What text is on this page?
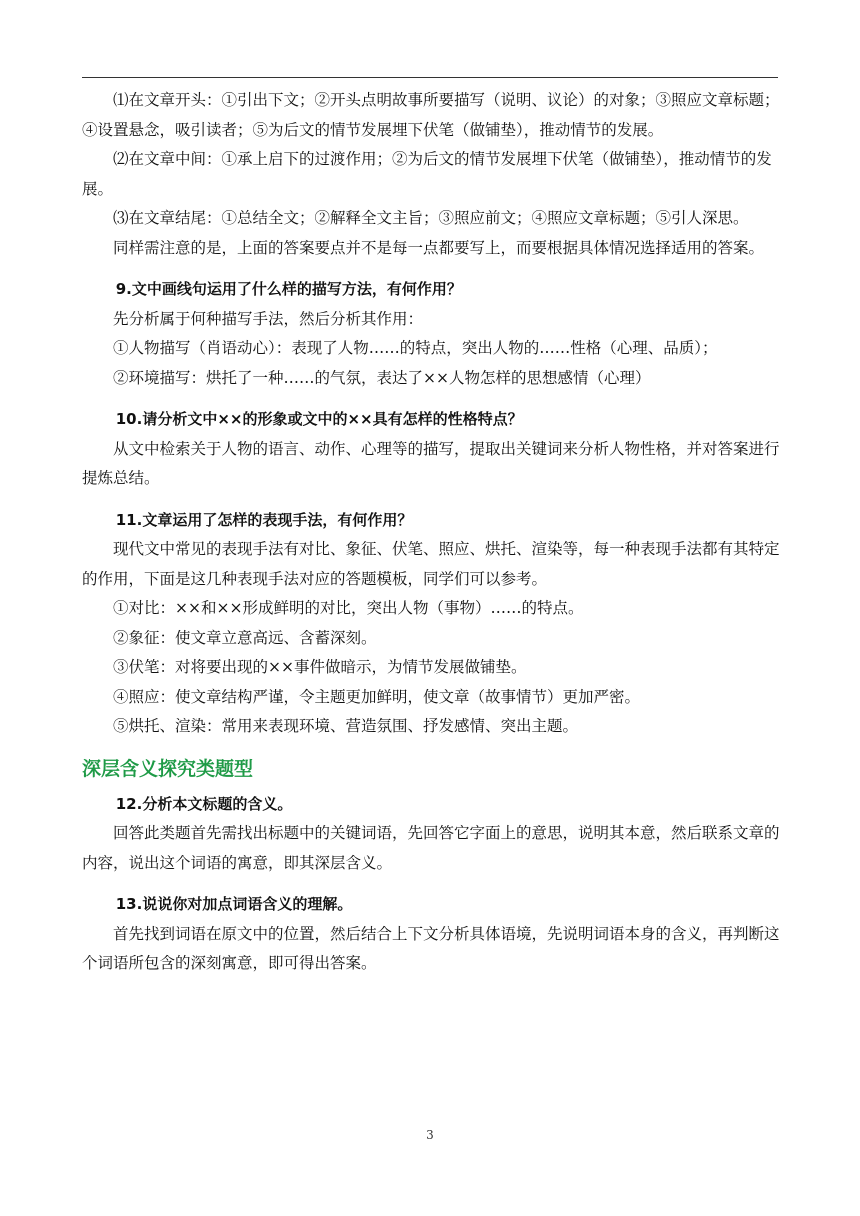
⑴在文章开头：①引出下文；②开头点明故事所要描写（说明、议论）的对象；③照应文章标题；④设置悬念，吸引读者；⑤为后文的情节发展埋下伏笔（做铺垫），推动情节的发展。

⑵在文章中间：①承上启下的过渡作用；②为后文的情节发展埋下伏笔（做铺垫），推动情节的发展。

⑶在文章结尾：①总结全文；②解释全文主旨；③照应前文；④照应文章标题；⑤引人深思。

同样需注意的是，上面的答案要点并不是每一点都要写上，而要根据具体情况选择适用的答案。

9.文中画线句运用了什么样的描写方法，有何作用？

先分析属于何种描写手法，然后分析其作用：

①人物描写（肖语动心）：表现了人物……的特点，突出人物的……性格（心理、品质）；

②环境描写：烘托了一种……的气氛，表达了××人物怎样的思想感情（心理）

10.请分析文中××的形象或文中的××具有怎样的性格特点？

从文中检索关于人物的语言、动作、心理等的描写，提取出关键词来分析人物性格，并对答案进行提炼总结。

11.文章运用了怎样的表现手法，有何作用？

现代文中常见的表现手法有对比、象征、伏笔、照应、烘托、渲染等，每一种表现手法都有其特定的作用，下面是这几种表现手法对应的答题模板，同学们可以参考。

①对比：××和××形成鲜明的对比，突出人物（事物）……的特点。

②象征：使文章立意高远、含蓄深刻。

③伏笔：对将要出现的××事件做暗示，为情节发展做铺垫。

④照应：使文章结构严谨，令主题更加鲜明，使文章（故事情节）更加严密。

⑤烘托、渲染：常用来表现环境、营造氛围、抒发感情、突出主题。

深层含义探究类题型

12.分析本文标题的含义。

回答此类题首先需找出标题中的关键词语，先回答它字面上的意思，说明其本意，然后联系文章的内容，说出这个词语的寓意，即其深层含义。

13.说说你对加点词语含义的理解。

首先找到词语在原文中的位置，然后结合上下文分析具体语境，先说明词语本身的含义，再判断这个词语所包含的深刻寓意，即可得出答案。

3
